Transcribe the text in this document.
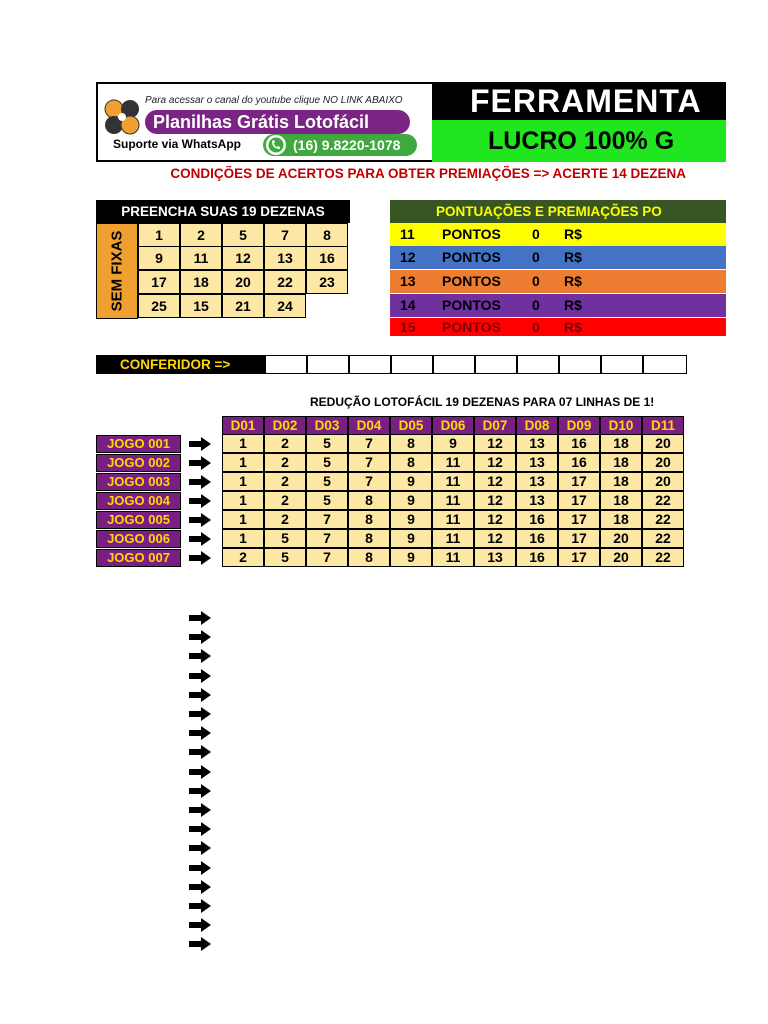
Para acessar o canal do youtube clique NO LINK ABAIXO
Planilhas Grátis Lotofácil
Suporte via WhatsApp	(16) 9.8220-1078
FERRAMENTA
LUCRO 100% G
CONDIÇÕES DE ACERTOS PARA OBTER PREMIAÇÕES => ACERTE 14 DEZENA
PREENCHA SUAS 19 DEZENAS
SEM FIXAS	1	2	5	7	8
9	11	12	13	16
17	18	20	22	23
25	15	21	24
PONTUAÇÕES E PREMIAÇÕES PO
11 PONTOS 0 R$
12 PONTOS 0 R$
13 PONTOS 0 R$
14 PONTOS 0 R$
15 PONTOS 0 R$
CONFERIDOR =>
REDUÇÃO LOTOFÁCIL 19 DEZENAS PARA 07 LINHAS DE 1!
D01	D02	D03	D04	D05	D06	D07	D08	D09	D10	D11
JOGO 001	1	2	5	7	8	9	12	13	16	18	20
JOGO 002	1	2	5	7	8	11	12	13	16	18	20
JOGO 003	1	2	5	7	9	11	12	13	17	18	20
JOGO 004	1	2	5	8	9	11	12	13	17	18	22
JOGO 005	1	2	7	8	9	11	12	16	17	18	22
JOGO 006	1	5	7	8	9	11	12	16	17	20	22
JOGO 007	2	5	7	8	9	11	13	16	17	20	22
